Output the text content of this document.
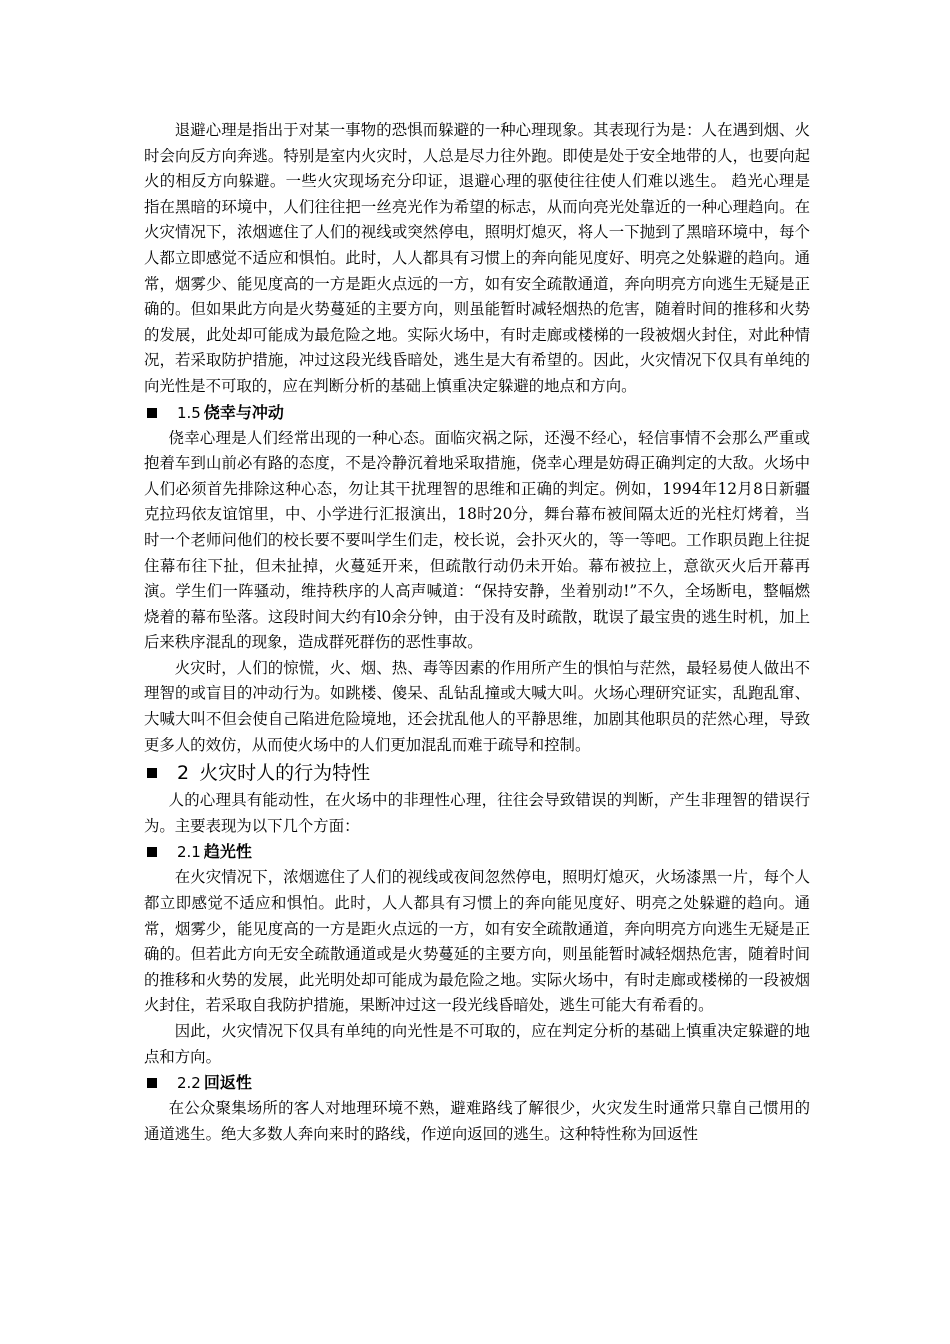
退避心理是指出于对某一事物的恐惧而躲避的一种心理现象。其表现行为是：人在遇到烟、火时会向反方向奔逃。特别是室内火灾时，人总是尽力往外跑。即使是处于安全地带的人，也要向起火的相反方向躲避。一些火灾现场充分印证，退避心理的驱使往往使人们难以逃生。 趋光心理是指在黑暗的环境中，人们往往把一丝亮光作为希望的标志，从而向亮光处靠近的一种心理趋向。在火灾情况下，浓烟遮住了人们的视线或突然停电，照明灯熄灭，将人一下抛到了黑暗环境中，每个人都立即感觉不适应和惧怕。此时，人人都具有习惯上的奔向能见度好、明亮之处躲避的趋向。通常，烟雾少、能见度高的一方是距火点远的一方，如有安全疏散通道，奔向明亮方向逃生无疑是正确的。但如果此方向是火势蔓延的主要方向，则虽能暂时减轻烟热的危害，随着时间的推移和火势的发展，此处却可能成为最危险之地。实际火场中，有时走廊或楼梯的一段被烟火封住，对此种情况，若采取防护措施，冲过这段光线昏暗处，逃生是大有希望的。因此，火灾情况下仅具有单纯的向光性是不可取的，应在判断分析的基础上慎重决定躲避的地点和方向。

1.5 侥幸与冲动

侥幸心理是人们经常出现的一种心态。面临灾祸之际，还漫不经心，轻信事情不会那么严重或抱着车到山前必有路的态度，不是冷静沉着地采取措施，侥幸心理是妨碍正确判定的大敌。火场中人们必须首先排除这种心态，勿让其干扰理智的思维和正确的判定。例如，1994年12月8日新疆克拉玛依友谊馆里，中、小学进行汇报演出，18时20分，舞台幕布被间隔太近的光柱灯烤着，当时一个老师问他们的校长要不要叫学生们走，校长说，会扑灭火的，等一等吧。工作职员跑上往捉住幕布往下扯，但未扯掉，火蔓延开来，但疏散行动仍未开始。幕布被拉上，意欲灭火后开幕再演。学生们一阵骚动，维持秩序的人高声喊道：“保持安静，坐着别动!”不久，全场断电，整幅燃烧着的幕布坠落。这段时间大约有l0余分钟，由于没有及时疏散，耽误了最宝贵的逃生时机，加上后来秩序混乱的现象，造成群死群伤的恶性事故。

火灾时，人们的惊慌，火、烟、热、毒等因素的作用所产生的惧怕与茫然，最轻易使人做出不理智的或盲目的冲动行为。如跳楼、傻呆、乱钻乱撞或大喊大叫。火场心理研究证实，乱跑乱窜、大喊大叫不但会使自己陷进危险境地，还会扰乱他人的平静思维，加剧其他职员的茫然心理，导致更多人的效仿，从而使火场中的人们更加混乱而难于疏导和控制。

2 火灾时人的行为特性

人的心理具有能动性，在火场中的非理性心理，往往会导致错误的判断，产生非理智的错误行为。主要表现为以下几个方面：

2.1 趋光性

在火灾情况下，浓烟遮住了人们的视线或夜间忽然停电，照明灯熄灭，火场漆黑一片，每个人都立即感觉不适应和惧怕。此时，人人都具有习惯上的奔向能见度好、明亮之处躲避的趋向。通常，烟雾少，能见度高的一方是距火点远的一方，如有安全疏散通道，奔向明亮方向逃生无疑是正确的。但若此方向无安全疏散通道或是火势蔓延的主要方向，则虽能暂时减轻烟热危害，随着时间的推移和火势的发展，此光明处却可能成为最危险之地。实际火场中，有时走廊或楼梯的一段被烟火封住，若采取自我防护措施，果断冲过这一段光线昏暗处，逃生可能大有希看的。

因此，火灾情况下仅具有单纯的向光性是不可取的，应在判定分析的基础上慎重决定躲避的地点和方向。

2.2 回返性

在公众聚集场所的客人对地理环境不熟，避难路线了解很少，火灾发生时通常只靠自己惯用的通道逃生。绝大多数人奔向来时的路线，作逆向返回的逃生。这种特性称为回返性
